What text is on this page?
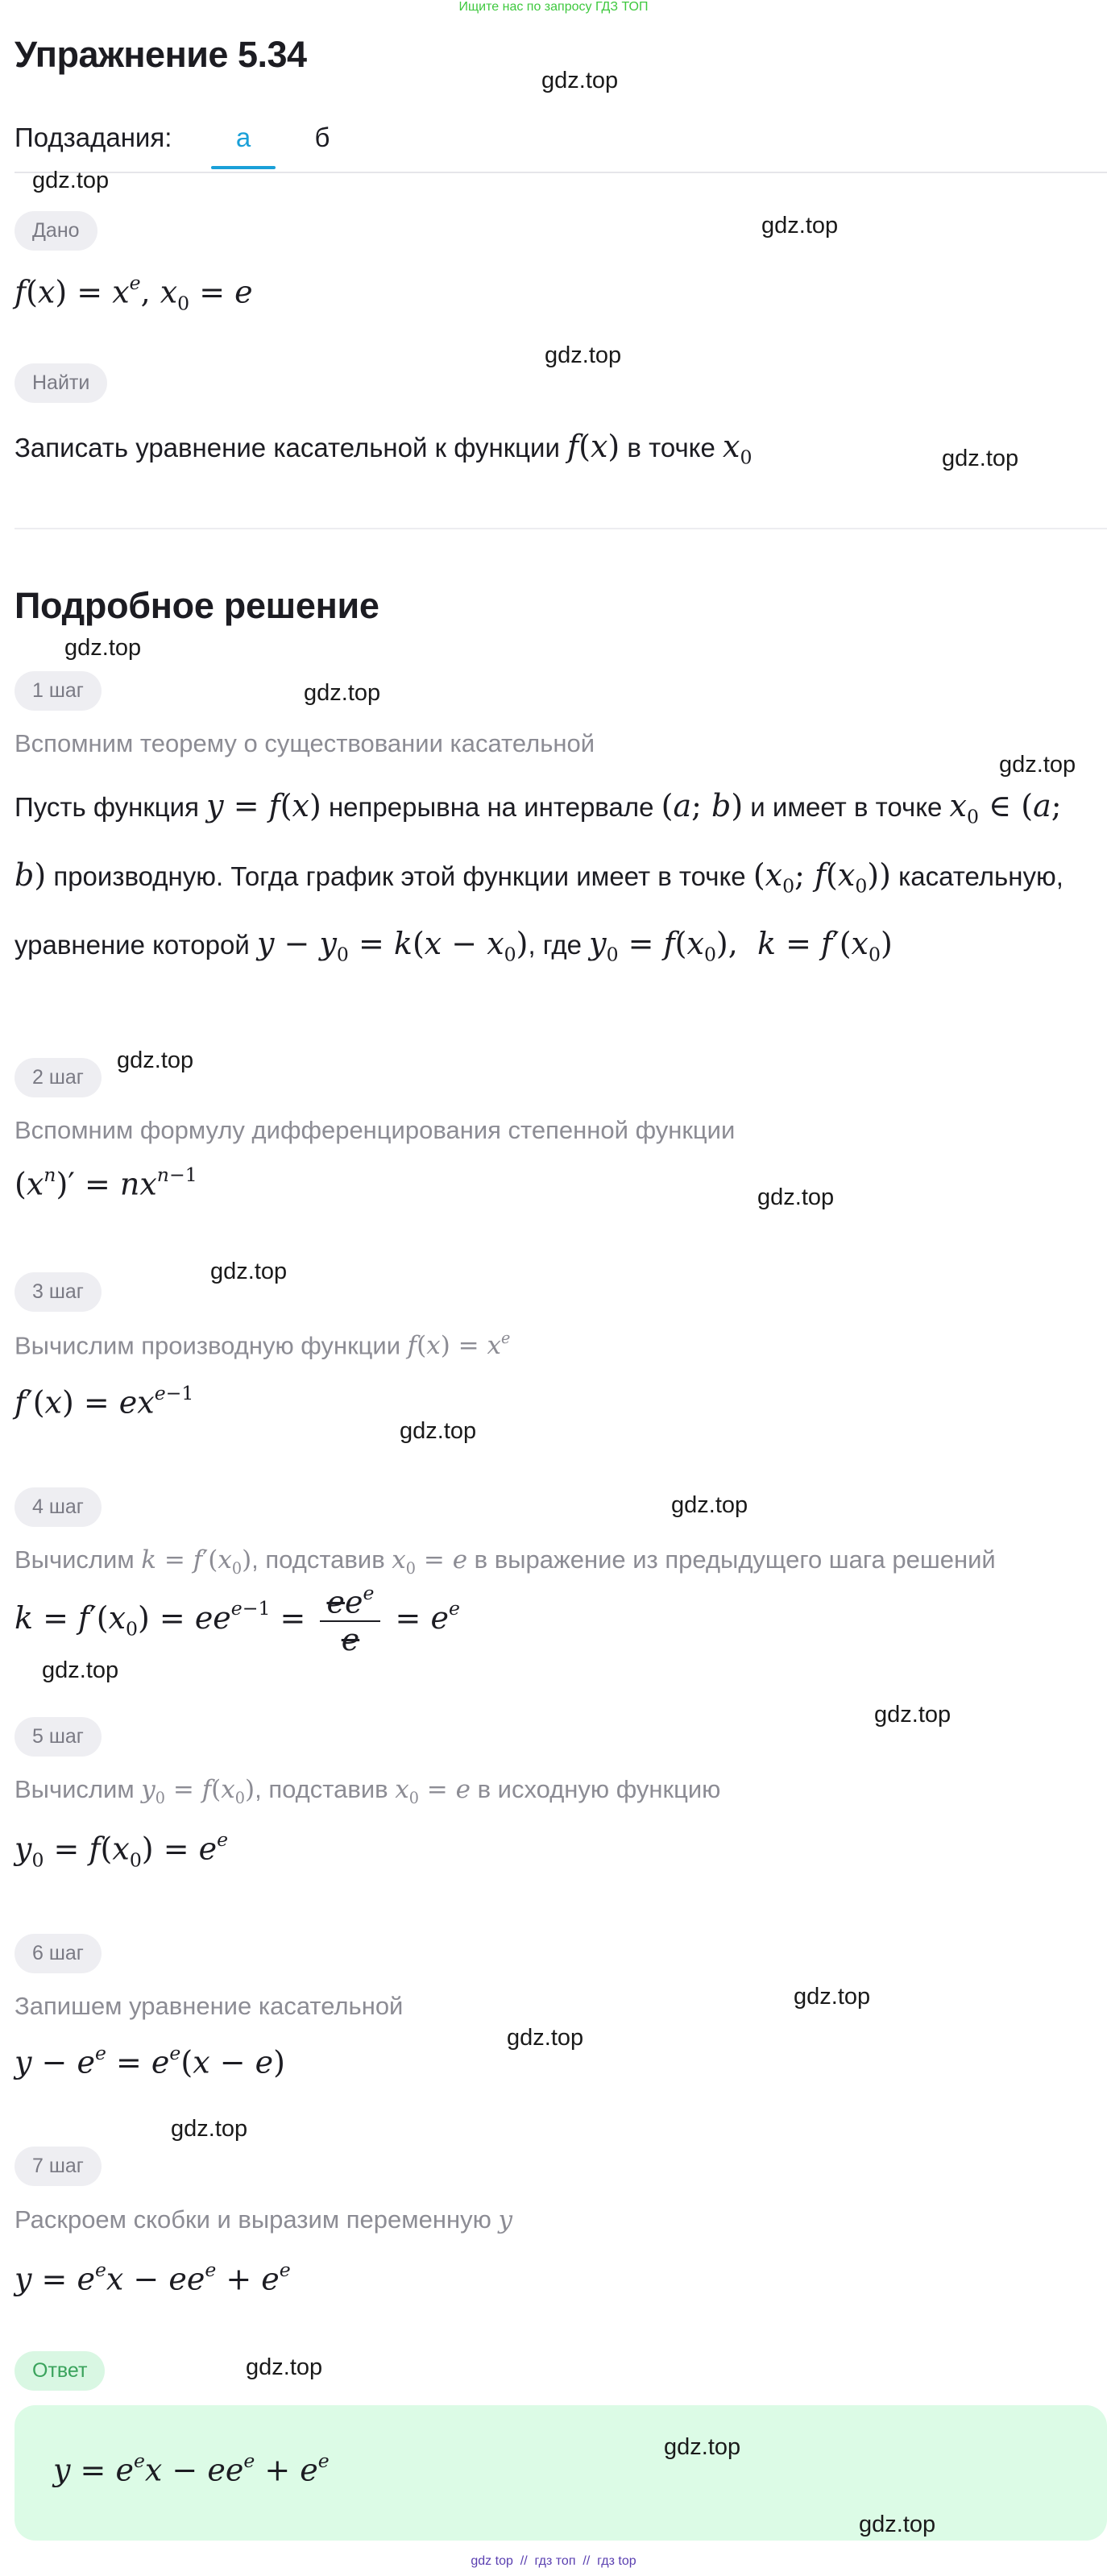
Ищите нас по запросу ГДЗ ТОП
Упражнение 5.34
Подзадания:	а	б
Дано
$f(x) = x^e$, $x_0 = e$
Найти
Записать уравнение касательной к функции f(x) в точке $x_0$
Подробное решение
1 шаг
Вспомним теорему о существовании касательной
Пусть функция y = f(x) непрерывна на интервале (a; b) и имеет в точке $x_0$ ∈ (a; b) производную. Тогда график этой функции имеет в точке ($x_0$; $f(x_0)$) касательную, уравнение которой $y - y_0 = k(x - x_0)$, где $y_0 = f(x_0)$,  $k = f'(x_0)$
2 шаг
Вспомним формулу дифференцирования степенной функции
$(x^n)' = nx^{n-1}$
3 шаг
Вычислим производную функции $f(x) = x^e$
$f'(x) = ex^{e-1}$
4 шаг
Вычислим $k = f'(x_0)$, подставив $x_0 = e$ в выражение из предыдущего шага решений
$k = f'(x_0) = ee^{e-1} = \frac{ee^e}{e} = e^e$
5 шаг
Вычислим $y_0 = f(x_0)$, подставив $x_0 = e$ в исходную функцию
$y_0 = f(x_0) = e^e$
6 шаг
Запишем уравнение касательной
$y - e^e = e^e(x - e)$
7 шаг
Раскроем скобки и выразим переменную y
$y = e^ex - ee^e + e^e$
Ответ
$y = e^ex - ee^e + e^e$
gdz.top
gdz.top
gdz.top
gdz.top
gdz.top
gdz.top
gdz.top
gdz.top
gdz.top
gdz.top
gdz.top
gdz.top
gdz.top
gdz.top
gdz.top
gdz.top
gdz.top
gdz.top
gdz.top
gdz.top
gdz.top
gdz top  //  гдз топ  //  гдз top
